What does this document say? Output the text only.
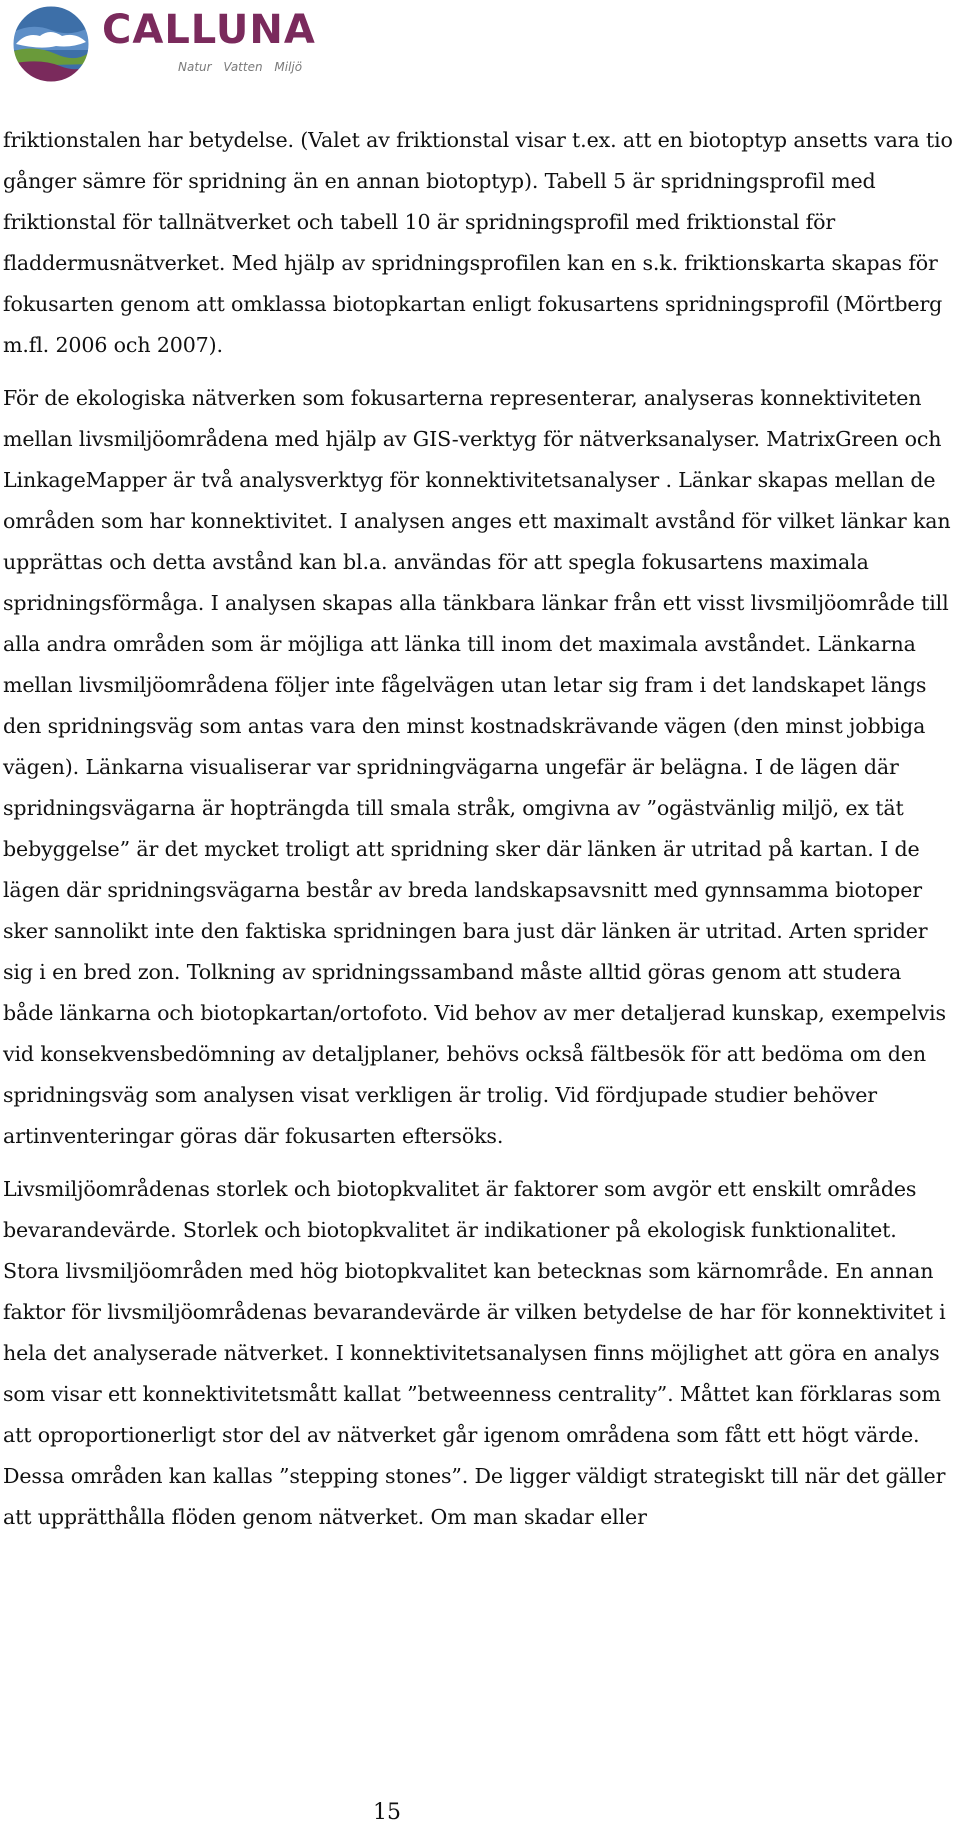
CALLUNA
Natur Vatten Miljö

friktionstalen har betydelse. (Valet av friktionstal visar t.ex. att en biotoptyp ansetts vara tio gånger sämre för spridning än en annan biotoptyp). Tabell 5 är spridningsprofil med friktionstal för tallnätverket och tabell 10 är spridningsprofil med friktionstal för fladdermusnätverket. Med hjälp av spridningsprofilen kan en s.k. friktionskarta skapas för fokusarten genom att omklassa biotopkartan enligt fokusartens spridningsprofil (Mörtberg m.fl. 2006 och 2007).

För de ekologiska nätverken som fokusarterna representerar, analyseras konnektiviteten mellan livsmiljöområdena med hjälp av GIS-verktyg för nätverksanalyser. MatrixGreen och LinkageMapper är två analysverktyg för konnektivitetsanalyser . Länkar skapas mellan de områden som har konnektivitet. I analysen anges ett maximalt avstånd för vilket länkar kan upprättas och detta avstånd kan bl.a. användas för att spegla fokusartens maximala spridningsförmåga. I analysen skapas alla tänkbara länkar från ett visst livsmiljöområde till alla andra områden som är möjliga att länka till inom det maximala avståndet. Länkarna mellan livsmiljöområdena följer inte fågelvägen utan letar sig fram i det landskapet längs den spridningsväg som antas vara den minst kostnadskrävande vägen (den minst jobbiga vägen). Länkarna visualiserar var spridningvägarna ungefär är belägna. I de lägen där spridningsvägarna är hopträngda till smala stråk, omgivna av ”ogästvänlig miljö, ex tät bebyggelse” är det mycket troligt att spridning sker där länken är utritad på kartan. I de lägen där spridningsvägarna består av breda landskapsavsnitt med gynnsamma biotoper sker sannolikt inte den faktiska spridningen bara just där länken är utritad. Arten sprider sig i en bred zon. Tolkning av spridningssamband måste alltid göras genom att studera både länkarna och biotopkartan/ortofoto. Vid behov av mer detaljerad kunskap, exempelvis vid konsekvensbedömning av detaljplaner, behövs också fältbesök för att bedöma om den spridningsväg som analysen visat verkligen är trolig. Vid fördjupade studier behöver artinventeringar göras där fokusarten eftersöks.

Livsmiljöområdenas storlek och biotopkvalitet är faktorer som avgör ett enskilt områdes bevarandevärde. Storlek och biotopkvalitet är indikationer på ekologisk funktionalitet. Stora livsmiljöområden med hög biotopkvalitet kan betecknas som kärnområde. En annan faktor för livsmiljöområdenas bevarandevärde är vilken betydelse de har för konnektivitet i hela det analyserade nätverket. I konnektivitetsanalysen finns möjlighet att göra en analys som visar ett konnektivitetsmått kallat ”betweenness centrality”. Måttet kan förklaras som att oproportionerligt stor del av nätverket går igenom områdena som fått ett högt värde. Dessa områden kan kallas ”stepping stones”. De ligger väldigt strategiskt till när det gäller att upprätthålla flöden genom nätverket. Om man skadar eller

15
